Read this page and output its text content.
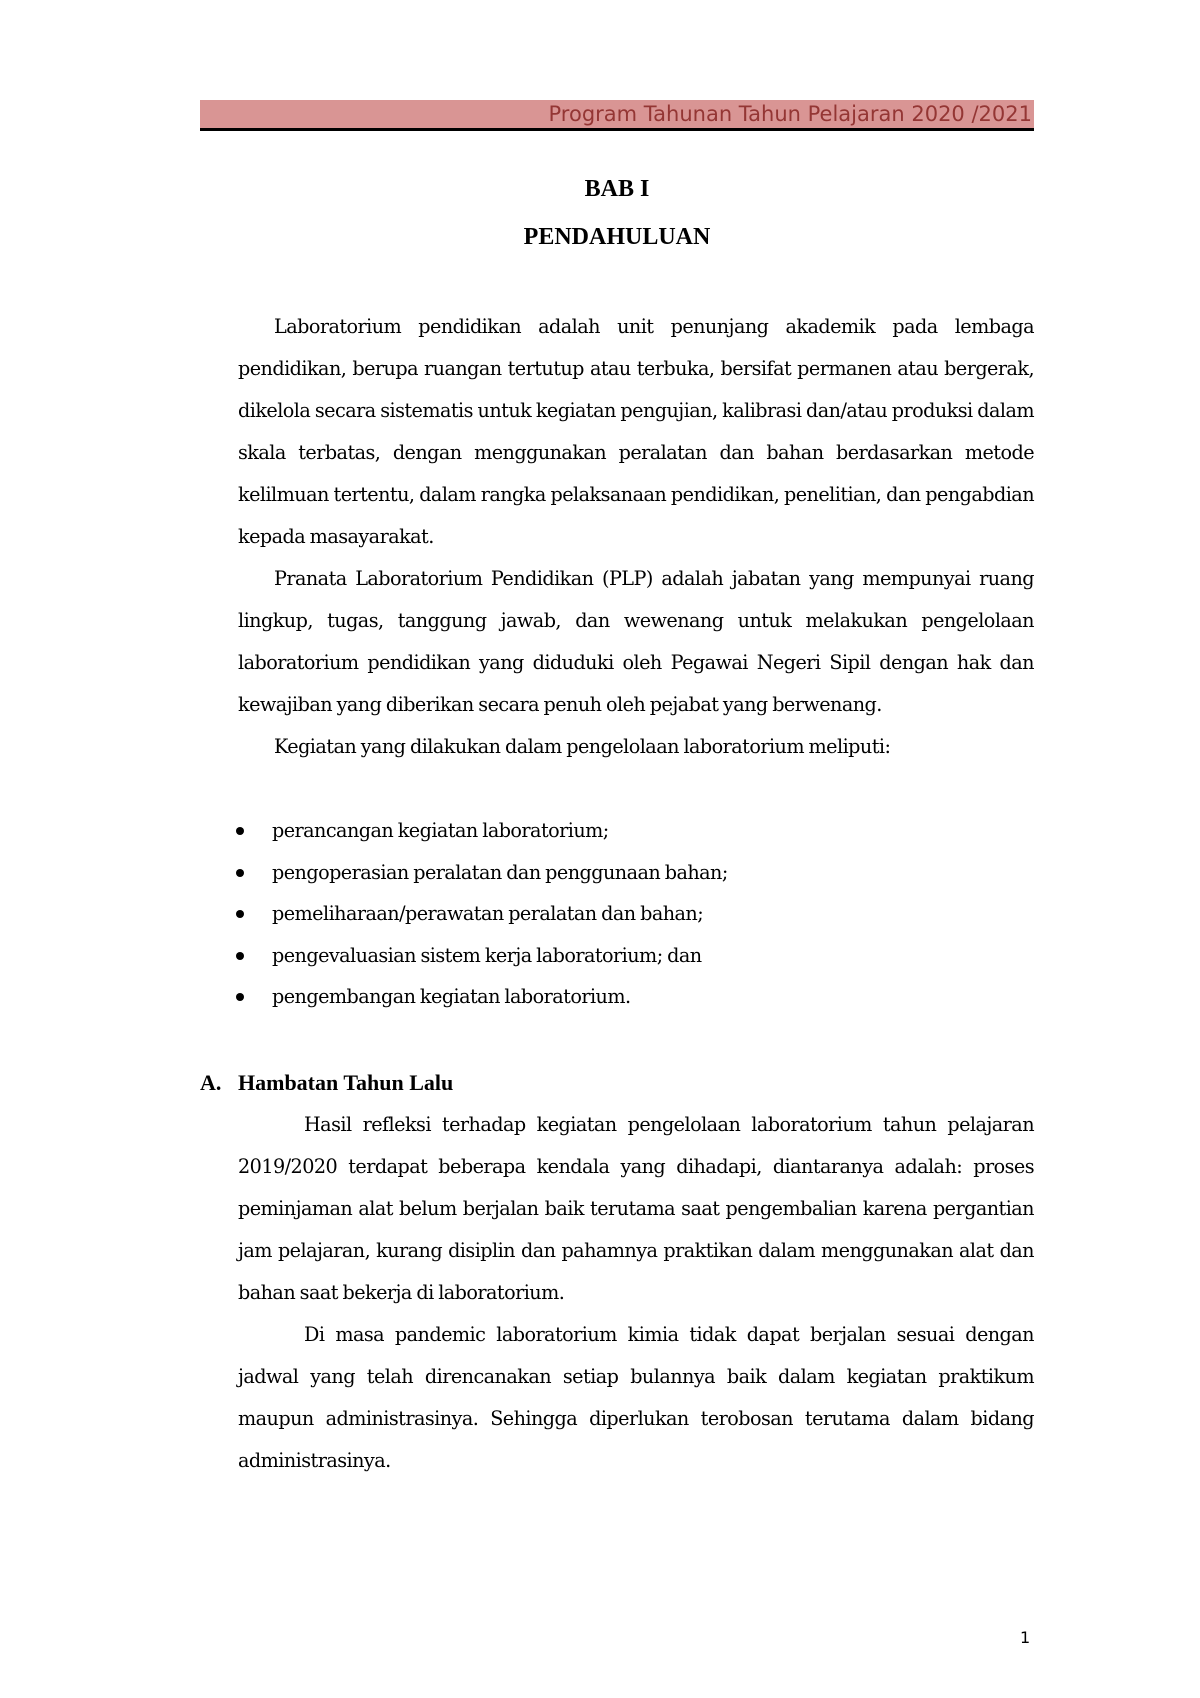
Program Tahunan Tahun Pelajaran 2020 /2021
BAB I
PENDAHULUAN

Laboratorium pendidikan adalah unit penunjang akademik pada lembaga pendidikan, berupa ruangan tertutup atau terbuka, bersifat permanen atau bergerak, dikelola secara sistematis untuk kegiatan pengujian, kalibrasi dan/atau produksi dalam skala terbatas, dengan menggunakan peralatan dan bahan berdasarkan metode kelilmuan tertentu, dalam rangka pelaksanaan pendidikan, penelitian, dan pengabdian kepada masayarakat.

Pranata Laboratorium Pendidikan (PLP) adalah jabatan yang mempunyai ruang lingkup, tugas, tanggung jawab, dan wewenang untuk melakukan pengelolaan laboratorium pendidikan yang diduduki oleh Pegawai Negeri Sipil dengan hak dan kewajiban yang diberikan secara penuh oleh pejabat yang berwenang.

Kegiatan yang dilakukan dalam pengelolaan laboratorium meliputi:

perancangan kegiatan laboratorium;
pengoperasian peralatan dan penggunaan bahan;
pemeliharaan/perawatan peralatan dan bahan;
pengevaluasian sistem kerja laboratorium; dan
pengembangan kegiatan laboratorium.
A. Hambatan Tahun Lalu

Hasil refleksi terhadap kegiatan pengelolaan laboratorium tahun pelajaran 2019/2020 terdapat beberapa kendala yang dihadapi, diantaranya adalah: proses peminjaman alat belum berjalan baik terutama saat pengembalian karena pergantian jam pelajaran, kurang disiplin dan pahamnya praktikan dalam menggunakan alat dan bahan saat bekerja di laboratorium.

Di masa pandemic laboratorium kimia tidak dapat berjalan sesuai dengan jadwal yang telah direncanakan setiap bulannya baik dalam kegiatan praktikum maupun administrasinya. Sehingga diperlukan terobosan terutama dalam bidang administrasinya.

1
